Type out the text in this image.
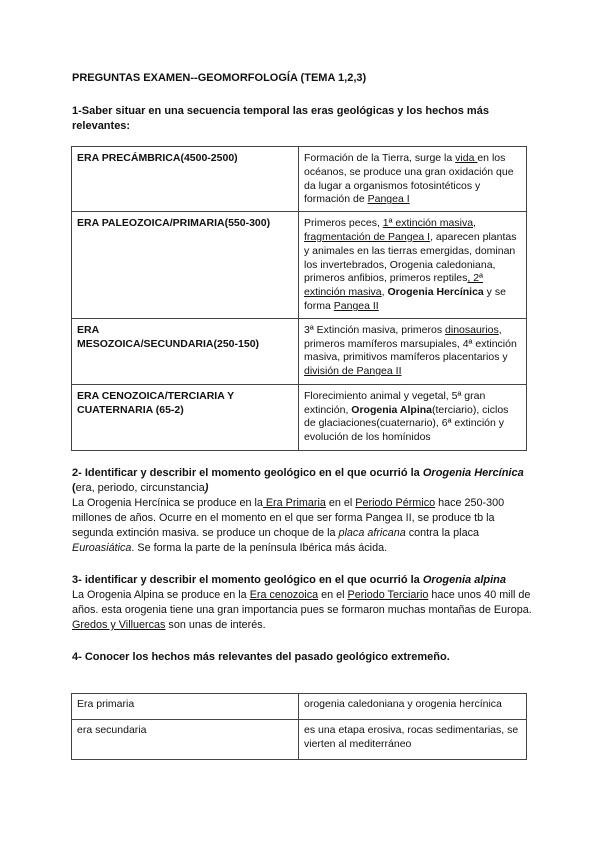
PREGUNTAS EXAMEN--GEOMORFOLOGÍA (TEMA 1,2,3)
1-Saber situar en una secuencia temporal las eras geológicas y los hechos más relevantes:
ERA PRECÁMBRICA(4500-2500)	Formación de la Tierra, surge la vida en los océanos, se produce una gran oxidación que da lugar a organismos fotosintéticos y formación de Pangea I
ERA PALEOZOICA/PRIMARIA(550-300)	Primeros peces, 1ª extinción masiva, fragmentación de Pangea I, aparecen plantas y animales en las tierras emergidas, dominan los invertebrados, Orogenia caledoniana, primeros anfibios, primeros reptiles, 2ª extinción masiva, Orogenia Hercínica y se forma Pangea II

ERA
MESOZOICA/SECUNDARIA(250-150)	3ª Extinción masiva, primeros dinosaurios, primeros mamíferos marsupiales, 4ª extinción masiva, primitivos mamíferos placentarios y división de Pangea II
ERA CENOZOICA/TERCIARIA Y CUATERNARIA (65-2)	Florecimiento animal y vegetal, 5ª gran extinción, Orogenia Alpina(terciario), ciclos de glaciaciones(cuaternario), 6ª extinción y evolución de los homínidos
2- Identificar y describir el momento geológico en el que ocurrió la Orogenia Hercínica (era, periodo, circunstancia)
La Orogenia Hercínica se produce en la Era Primaria en el Periodo Pérmico hace 250-300 millones de años. Ocurre en el momento en el que ser forma Pangea II, se produce tb la segunda extinción masiva. se produce un choque de la placa africana contra la placa Euroasiática. Se forma la parte de la península Ibérica más ácida.
3- identificar y describir el momento geológico en el que ocurrió la Orogenia alpina
La Orogenia Alpina se produce en la Era cenozoica en el Periodo Terciario hace unos 40 mill de años. esta orogenia tiene una gran importancia pues se formaron muchas montañas de Europa. Gredos y Villuercas son unas de interés.
4- Conocer los hechos más relevantes del pasado geológico extremeño.
Era primaria	orogenia caledoniana y orogenia hercínica
era secundaria	es una etapa erosiva, rocas sedimentarias, se vierten al mediterráneo
